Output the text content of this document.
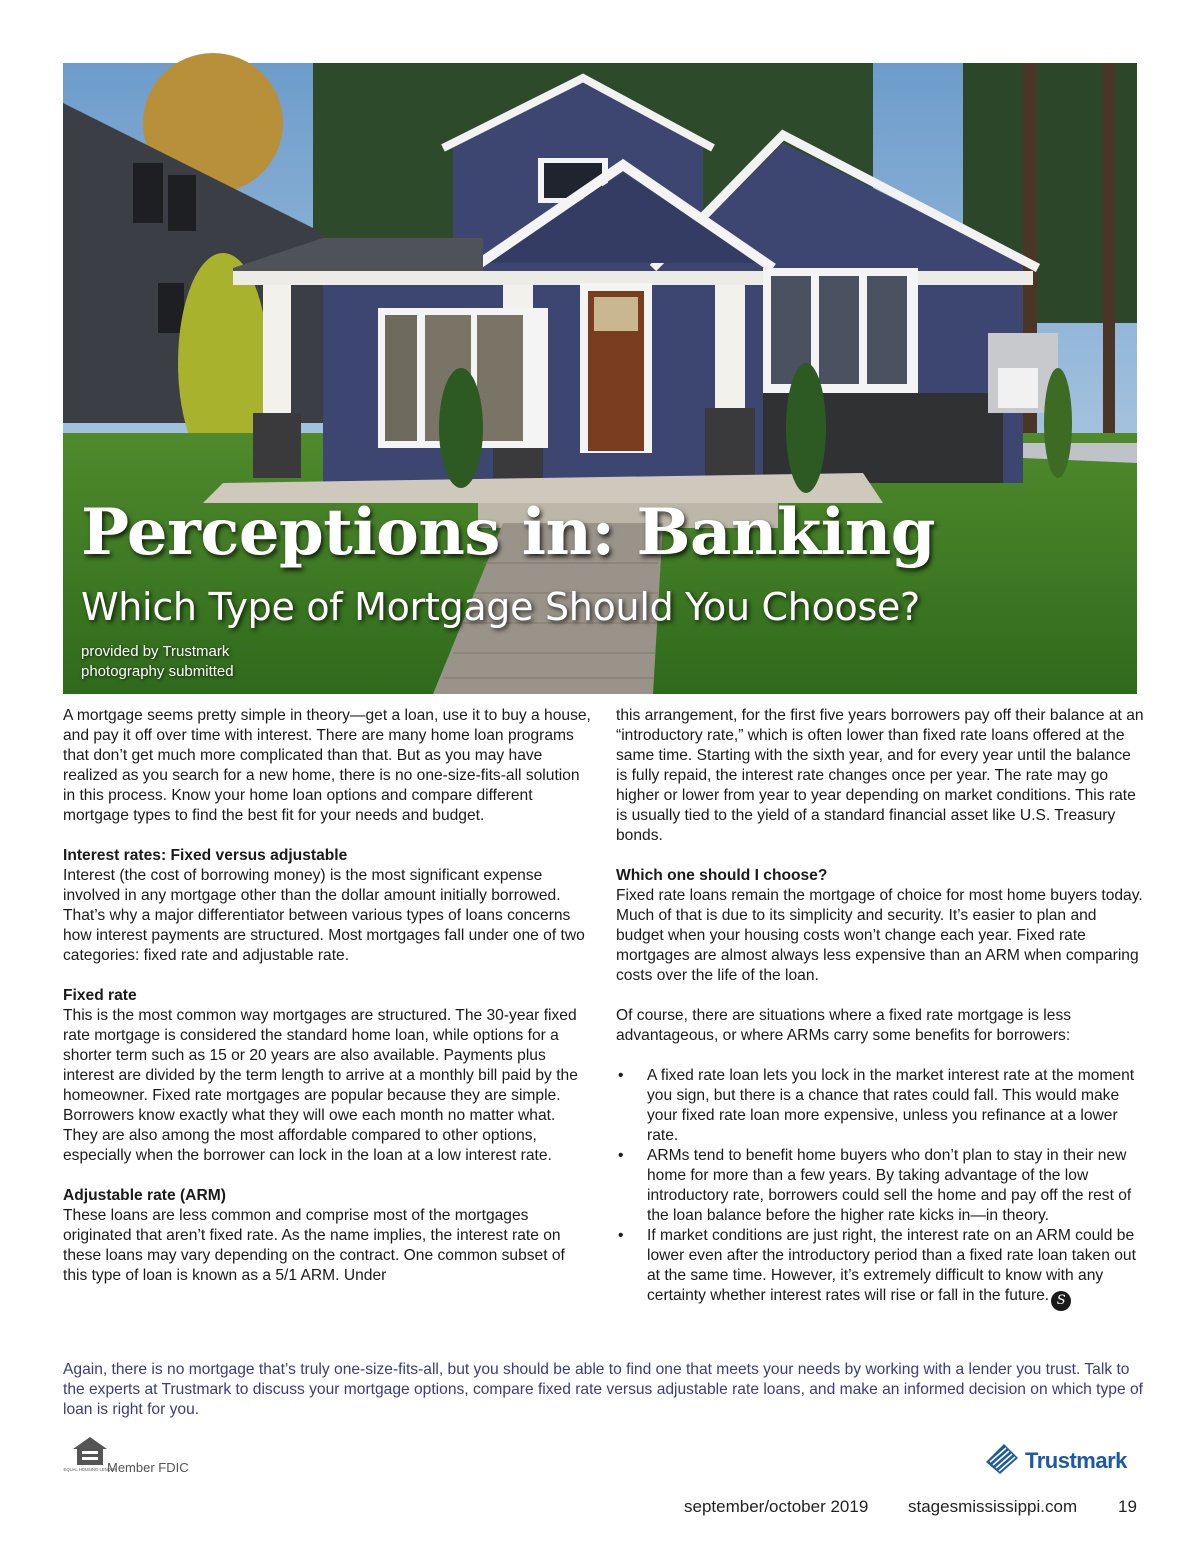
Perceptions in: Banking
Which Type of Mortgage Should You Choose?
provided by Trustmark
photography submitted

A mortgage seems pretty simple in theory—get a loan, use it to buy a house, and pay it off over time with interest. There are many home loan programs that don’t get much more complicated than that. But as you may have realized as you search for a new home, there is no one-size-fits-all solution in this process. Know your home loan options and compare different mortgage types to find the best fit for your needs and budget.

Interest rates: Fixed versus adjustable

Interest (the cost of borrowing money) is the most significant expense involved in any mortgage other than the dollar amount initially borrowed. That’s why a major differentiator between various types of loans concerns how interest payments are structured. Most mortgages fall under one of two categories: fixed rate and adjustable rate.

Fixed rate

This is the most common way mortgages are structured. The 30-year fixed rate mortgage is considered the standard home loan, while options for a shorter term such as 15 or 20 years are also available. Payments plus interest are divided by the term length to arrive at a monthly bill paid by the homeowner. Fixed rate mortgages are popular because they are simple. Borrowers know exactly what they will owe each month no matter what. They are also among the most affordable compared to other options, especially when the borrower can lock in the loan at a low interest rate.

Adjustable rate (ARM)

These loans are less common and comprise most of the mortgages originated that aren’t fixed rate. As the name implies, the interest rate on these loans may vary depending on the contract. One common subset of this type of loan is known as a 5/1 ARM. Under

this arrangement, for the first five years borrowers pay off their balance at an “introductory rate,” which is often lower than fixed rate loans offered at the same time. Starting with the sixth year, and for every year until the balance is fully repaid, the interest rate changes once per year. The rate may go higher or lower from year to year depending on market conditions. This rate is usually tied to the yield of a standard financial asset like U.S. Treasury bonds.

Which one should I choose?

Fixed rate loans remain the mortgage of choice for most home buyers today. Much of that is due to its simplicity and security. It’s easier to plan and budget when your housing costs won’t change each year. Fixed rate mortgages are almost always less expensive than an ARM when comparing costs over the life of the loan.

Of course, there are situations where a fixed rate mortgage is less advantageous, or where ARMs carry some benefits for borrowers:

• A fixed rate loan lets you lock in the market interest rate at the moment you sign, but there is a chance that rates could fall. This would make your fixed rate loan more expensive, unless you refinance at a lower rate.
• ARMs tend to benefit home buyers who don’t plan to stay in their new home for more than a few years. By taking advantage of the low introductory rate, borrowers could sell the home and pay off the rest of the loan balance before the higher rate kicks in—in theory.
• If market conditions are just right, the interest rate on an ARM could be lower even after the introductory period than a fixed rate loan taken out at the same time. However, it’s extremely difficult to know with any certainty whether interest rates will rise or fall in the future. S

Again, there is no mortgage that’s truly one-size-fits-all, but you should be able to find one that meets your needs by working with a lender you trust. Talk to the experts at Trustmark to discuss your mortgage options, compare fixed rate versus adjustable rate loans, and make an informed decision on which type of loan is right for you.

EQUAL HOUSING LENDER
Member FDIC	Trustmark
september/october 2019 stagesmississippi.com 19
